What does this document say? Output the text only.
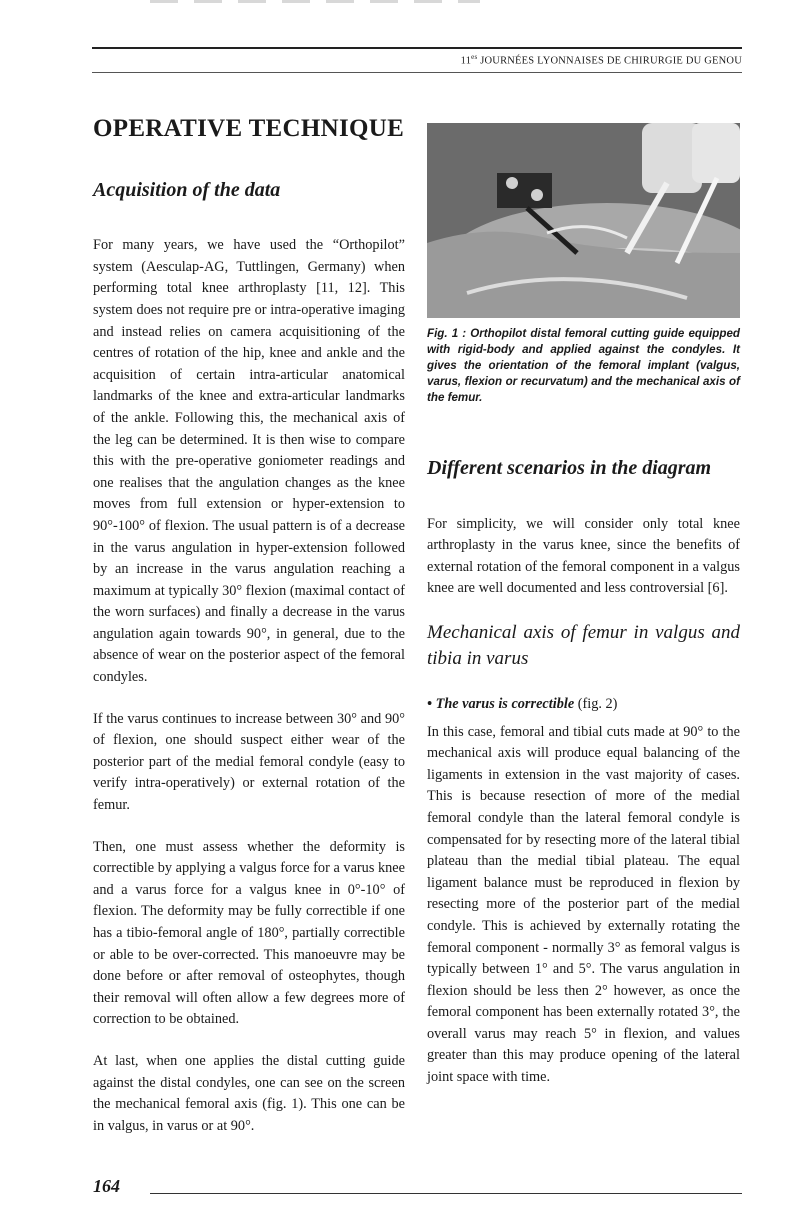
$11^{es}$ JOURNÉES LYONNAISES DE CHIRURGIE DU GENOU
OPERATIVE TECHNIQUE
Acquisition of the data

For many years, we have used the “Orthopilot” system (Aesculap-AG, Tuttlingen, Germany) when performing total knee arthroplasty [11, 12]. This system does not require pre or intra-operative imaging and instead relies on camera acquisitioning of the centres of rotation of the hip, knee and ankle and the acquisition of certain intra-articular anatomical landmarks of the knee and extra-articular landmarks of the ankle. Following this, the mechanical axis of the leg can be determined. It is then wise to compare this with the pre-operative goniometer readings and one realises that the angulation changes as the knee moves from full extension or hyper-extension to 90°-100° of flexion. The usual pattern is of a decrease in the varus angulation in hyper-extension followed by an increase in the varus angulation reaching a maximum at typically 30° flexion (maximal contact of the worn surfaces) and finally a decrease in the varus angulation again towards 90°, in general, due to the absence of wear on the posterior aspect of the femoral condyles.

If the varus continues to increase between 30° and 90° of flexion, one should suspect either wear of the posterior part of the medial femoral condyle (easy to verify intra-operatively) or external rotation of the femur.

Then, one must assess whether the deformity is correctible by applying a valgus force for a varus knee and a varus force for a valgus knee in 0°-10° of flexion. The deformity may be fully correctible if one has a tibio-femoral angle of 180°, partially correctible or able to be over-corrected. This manoeuvre may be done before or after removal of osteophytes, though their removal will often allow a few degrees more of correction to be obtained.

At last, when one applies the distal cutting guide against the distal condyles, one can see on the screen the mechanical femoral axis (fig. 1). This one can be in valgus, in varus or at 90°.

Fig. 1 : Orthopilot distal femoral cutting guide equipped with rigid-body and applied against the condyles. It gives the orientation of the femoral implant (valgus, varus, flexion or recurvatum) and the mechanical axis of the femur.
Different scenarios in the diagram

For simplicity, we will consider only total knee arthroplasty in the varus knee, since the benefits of external rotation of the femoral component in a valgus knee are well documented and less controversial [6].

Mechanical axis of femur in valgus and tibia in varus

• The varus is correctible (fig. 2)

In this case, femoral and tibial cuts made at 90° to the mechanical axis will produce equal balancing of the ligaments in extension in the vast majority of cases. This is because resection of more of the medial femoral condyle than the lateral femoral condyle is compensated for by resecting more of the lateral tibial plateau than the medial tibial plateau. The equal ligament balance must be reproduced in flexion by resecting more of the posterior part of the medial condyle. This is achieved by externally rotating the femoral component - normally 3° as femoral valgus is typically between 1° and 5°. The varus angulation in flexion should be less then 2° however, as once the femoral component has been externally rotated 3°, the overall varus may reach 5° in flexion, and values greater than this may produce opening of the lateral joint space with time.

164
